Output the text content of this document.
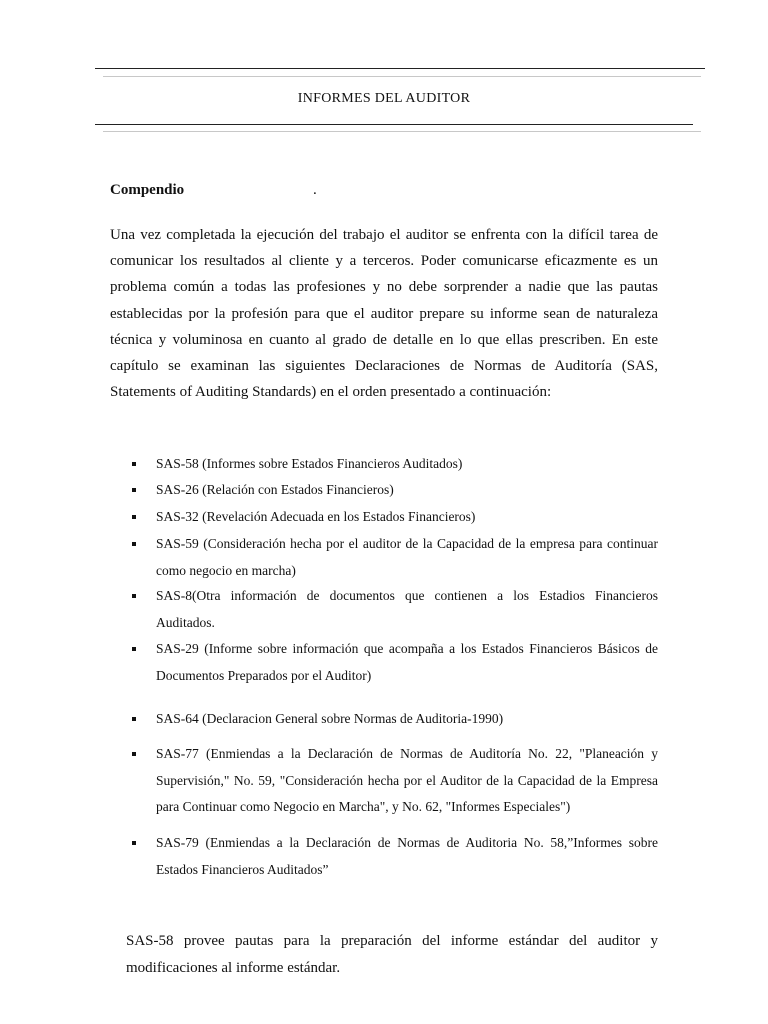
INFORMES DEL AUDITOR
Compendio	.
Una vez completada la ejecución del trabajo el auditor se enfrenta con la difícil tarea de comunicar los resultados al cliente y a terceros. Poder comunicarse eficazmente es un problema común a todas las profesiones y no debe sorprender a nadie que las pautas establecidas por la profesión para que el auditor prepare su informe sean de naturaleza técnica y voluminosa en cuanto al grado de detalle en lo que ellas prescriben. En este capítulo se examinan las siguientes Declaraciones de Normas de Auditoría (SAS, Statements of Auditing Standards) en el orden presentado a continuación:
SAS-58 (Informes sobre Estados Financieros Auditados)
SAS-26 (Relación con Estados Financieros)
SAS-32 (Revelación Adecuada en los Estados Financieros)
SAS-59 (Consideración hecha por el auditor de la Capacidad de la empresa para continuar como negocio en marcha)
SAS-8(Otra información de documentos que contienen a los Estadios Financieros Auditados.
SAS-29 (Informe sobre información que acompaña a los Estados Financieros Básicos de Documentos Preparados por el Auditor)
SAS-64 (Declaracion General sobre Normas de Auditoria-1990)
SAS-77 (Enmiendas a la Declaración de Normas de Auditoría No. 22, "Planeación y Supervisión," No. 59, "Consideración hecha por el Auditor de la Capacidad de la Empresa para Continuar como Negocio en Marcha", y No. 62, "Informes Especiales")
SAS-79 (Enmiendas a la Declaración de Normas de Auditoria No. 58,”Informes sobre Estados Financieros Auditados”
SAS-58 provee pautas para la preparación del informe estándar del auditor y modificaciones al informe estándar.
